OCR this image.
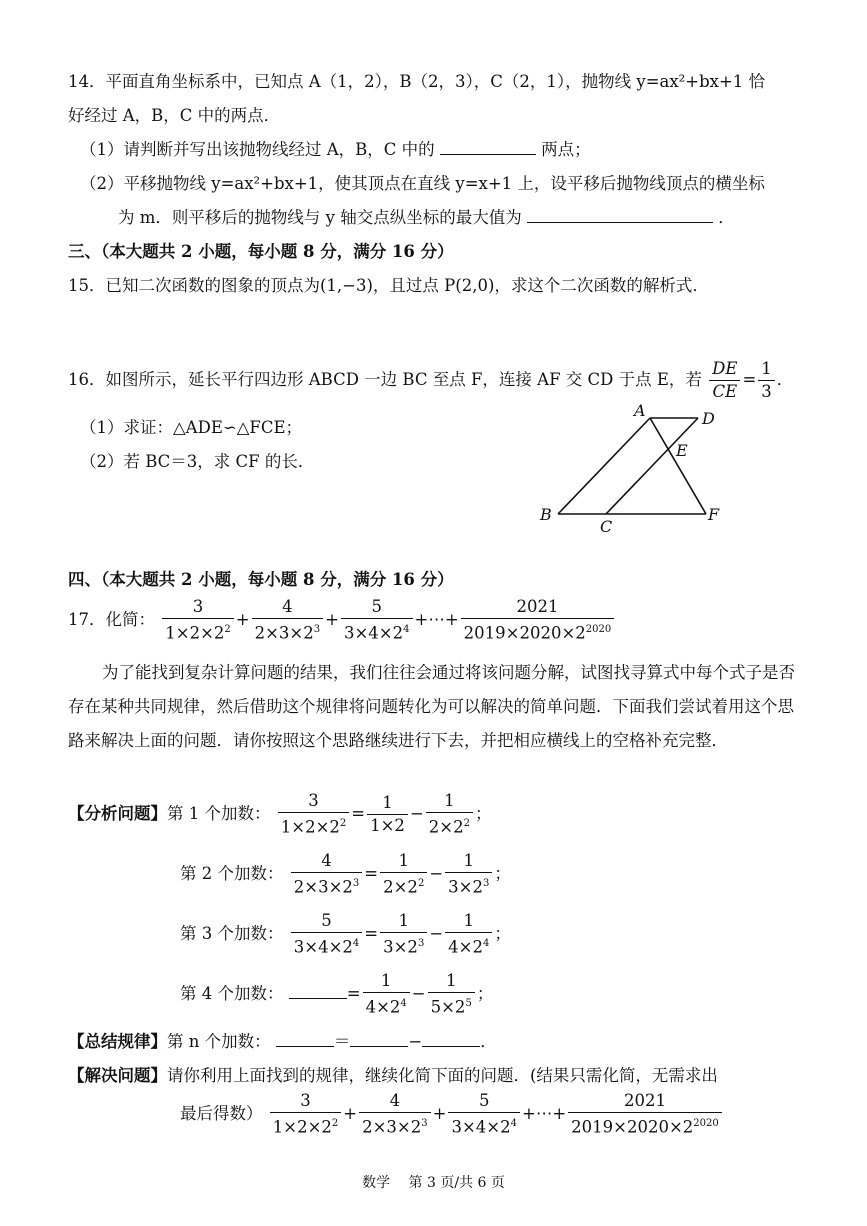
14．平面直角坐标系中，已知点 A（1，2），B（2，3），C（2，1），抛物线 y=ax²+bx+1 恰
好经过 A，B，C 中的两点．
（1）请判断并写出该抛物线经过 A，B，C 中的	两点；
（2）平移抛物线 y=ax²+bx+1，使其顶点在直线 y=x+1 上，设平移后抛物线顶点的横坐标
为 m．则平移后的抛物线与 y 轴交点纵坐标的最大值为	．
三、（本大题共 2 小题，每小题 8 分，满分 16 分）
15．已知二次函数的图象的顶点为(1,−3)，且过点 P(2,0)，求这个二次函数的解析式．
16．如图所示，延长平行四边形 ABCD 一边 BC 至点 F，连接 AF 交 CD 于点 E，若 $\frac{DE}{CE} = \frac{1}{3}$ ．
（1）求证：△ADE∽△FCE；
（2）若 BC＝3，求 CF 的长．
A	D
E
B
C
F
四、（本大题共 2 小题，每小题 8 分，满分 16 分）
17．化简： $\frac{3}{1\times 2\times 2^2} + \frac{4}{2\times 3\times 2^3} + \frac{5}{3\times 4\times 2^4}$ +⋯+ $\frac{2021}{2019\times 2020\times 2^{2020}}$
为了能找到复杂计算问题的结果，我们往往会通过将该问题分解，试图找寻算式中每个式子是否存在某种共同规律，然后借助这个规律将问题转化为可以解决的简单问题．下面我们尝试着用这个思路来解决上面的问题．请你按照这个思路继续进行下去，并把相应横线上的空格补充完整．
【分析问题】第 1 个加数： $\frac{3}{1\times 2\times 2^2} = \frac{1}{1\times 2} - \frac{1}{2\times 2^2}$ ；
第 2 个加数： $\frac{4}{2\times 3\times 2^3} = \frac{1}{2\times 2^2} - \frac{1}{3\times 2^3}$ ；
第 3 个加数： $\frac{5}{3\times 4\times 2^4} = \frac{1}{3\times 2^3} - \frac{1}{4\times 2^4}$ ；
第 4 个加数：	= $\frac{1}{4\times 2^4} - \frac{1}{5\times 2^5}$ ；
【总结规律】第 n 个加数：	＝	−	．
【解决问题】请你利用上面找到的规律，继续化简下面的问题．(结果只需化简，无需求出
最后得数） $\frac{3}{1\times 2\times 2^2} + \frac{4}{2\times 3\times 2^3} + \frac{5}{3\times 4\times 2^4}$ +⋯+ $\frac{2021}{2019\times 2020\times 2^{2020}}$
数学　 第 3 页/共 6 页
